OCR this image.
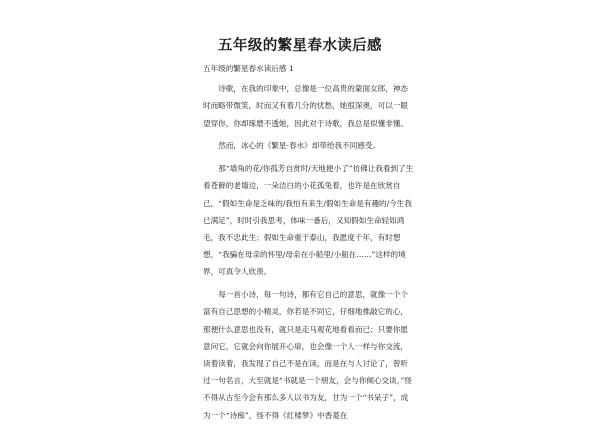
五年级的繁星春水读后感

五年级的繁星春水读后感 1

诗歌，在我的印象中，总像是一位高贵的蒙面女郎，神态时而略带微笑，时而又有着几分的忧愁，她很深奥，可以一眼望穿你，你却琢磨不透她，因此对于诗歌，我总是似懂非懂。

然而，冰心的《繁星·春水》却带给我不同感受。

那“墙角的花/你孤芳自赏时/天地便小了”仿佛让我看到了生看苍藓的老墙边，一朵洁白的小花孤兔着，也许是在欣赏自己，“假如生命是乏味的/我怕有来生/假如生命是有趣的/今生我已满足”，时时引我思考，体味一番后，又知假如生命轻如鸿毛，我不忠此生；假如生命重于泰山，我愿度千年，有时想想，“我骗在母亲的怀里/母亲在小船里/小船在……”这样的境界，可真令人欣羡。

每一首小诗，每一句诗，都有它自己的意思，就像一个个富有自己思想的小精灵，你若是不同它，仔细地推敲它的心，那便什么意思也没有，就只是走马观花地看看而已；只要你愿意问它，它就会向你展开心扉，也会像一个人一样与你交流，读着读着，我发现了自己不是在读，而是在与人讨论了，曾听过一句名言，大至就是“书就是一个朋友，会与你倾心交谈，”怪不得从古至今会有那么多人以书为友，甘为一个“书呆子”，成为一个“诗痴”，怪不得《红楼梦》中香菱在
